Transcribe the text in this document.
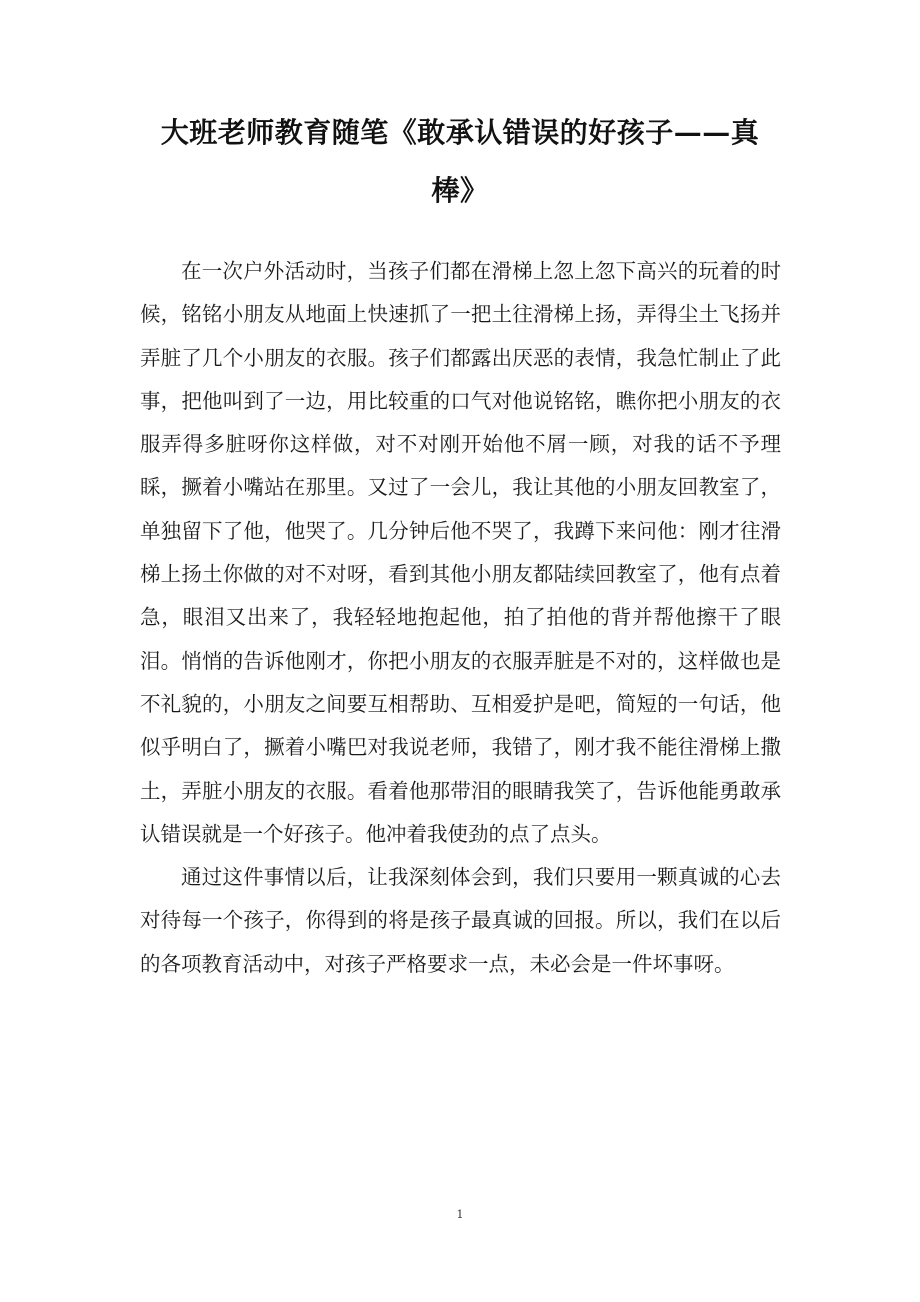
大班老师教育随笔《敢承认错误的好孩子——真棒》

在一次户外活动时，当孩子们都在滑梯上忽上忽下高兴的玩着的时候，铭铭小朋友从地面上快速抓了一把土往滑梯上扬，弄得尘土飞扬并弄脏了几个小朋友的衣服。孩子们都露出厌恶的表情，我急忙制止了此事，把他叫到了一边，用比较重的口气对他说铭铭，瞧你把小朋友的衣服弄得多脏呀你这样做，对不对刚开始他不屑一顾，对我的话不予理睬，撅着小嘴站在那里。又过了一会儿，我让其他的小朋友回教室了，单独留下了他，他哭了。几分钟后他不哭了，我蹲下来问他：刚才往滑梯上扬土你做的对不对呀，看到其他小朋友都陆续回教室了，他有点着急，眼泪又出来了，我轻轻地抱起他，拍了拍他的背并帮他擦干了眼泪。悄悄的告诉他刚才，你把小朋友的衣服弄脏是不对的，这样做也是不礼貌的，小朋友之间要互相帮助、互相爱护是吧，简短的一句话，他似乎明白了，撅着小嘴巴对我说老师，我错了，刚才我不能往滑梯上撒土，弄脏小朋友的衣服。看着他那带泪的眼睛我笑了，告诉他能勇敢承认错误就是一个好孩子。他冲着我使劲的点了点头。

通过这件事情以后，让我深刻体会到，我们只要用一颗真诚的心去对待每一个孩子，你得到的将是孩子最真诚的回报。所以，我们在以后的各项教育活动中，对孩子严格要求一点，未必会是一件坏事呀。

1
